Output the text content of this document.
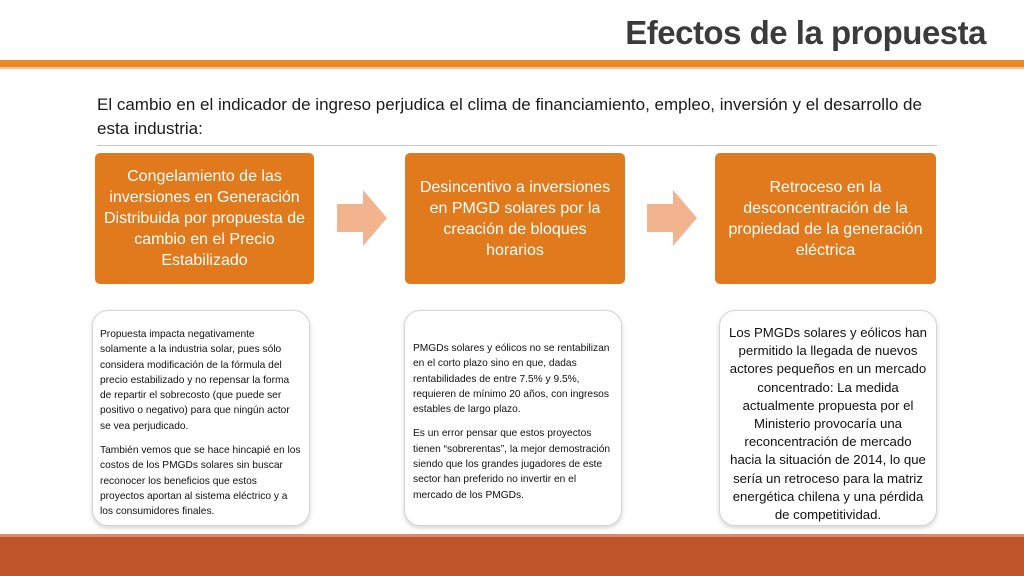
Efectos de la propuesta
El cambio en el indicador de ingreso perjudica el clima de financiamiento, empleo, inversión y el desarrollo de esta industria:
Congelamiento de las inversiones en Generación Distribuida por propuesta de cambio en el Precio Estabilizado
Desincentivo a inversiones en PMGD solares por la creación de bloques horarios
Retroceso en la desconcentración de la propiedad de la generación eléctrica

Propuesta impacta negativamente solamente a la industria solar, pues sólo considera modificación de la fórmula del precio estabilizado y no repensar la forma de repartir el sobrecosto (que puede ser positivo o negativo) para que ningún actor se vea perjudicado.

También vemos que se hace hincapié en los costos de los PMGDs solares sin buscar reconocer los beneficios que estos proyectos aportan al sistema eléctrico y a los consumidores finales.

PMGDs solares y eólicos no se rentabilizan en el corto plazo sino en que, dadas rentabilidades de entre 7.5% y 9.5%, requieren de mínimo 20 años, con ingresos estables de largo plazo.

Es un error pensar que estos proyectos tienen “sobrerentas”, la mejor demostración siendo que los grandes jugadores de este sector han preferido no invertir en el mercado de los PMGDs.

Los PMGDs solares y eólicos han permitido la llegada de nuevos actores pequeños en un mercado concentrado: La medida actualmente propuesta por el Ministerio provocaría una reconcentración de mercado hacia la situación de 2014, lo que sería un retroceso para la matriz energética chilena y una pérdida de competitividad.
